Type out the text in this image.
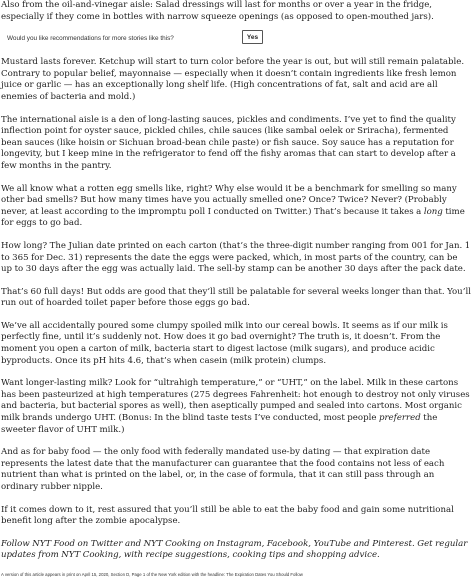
Also from the oil-and-vinegar aisle: Salad dressings will last for months or over a year in the fridge, especially if they come in bottles with narrow squeeze openings (as opposed to open-mouthed jars).

Would you like recommendations for more stories like this?	Yes

Mustard lasts forever. Ketchup will start to turn color before the year is out, but will still remain palatable. Contrary to popular belief, mayonnaise — especially when it doesn’t contain ingredients like fresh lemon juice or garlic — has an exceptionally long shelf life. (High concentrations of fat, salt and acid are all enemies of bacteria and mold.)

The international aisle is a den of long-lasting sauces, pickles and condiments. I’ve yet to find the quality inflection point for oyster sauce, pickled chiles, chile sauces (like sambal oelek or Sriracha), fermented bean sauces (like hoisin or Sichuan broad-bean chile paste) or fish sauce. Soy sauce has a reputation for longevity, but I keep mine in the refrigerator to fend off the fishy aromas that can start to develop after a few months in the pantry.

We all know what a rotten egg smells like, right? Why else would it be a benchmark for smelling so many other bad smells? But how many times have you actually smelled one? Once? Twice? Never? (Probably never, at least according to the impromptu poll I conducted on Twitter.) That’s because it takes a long time for eggs to go bad.

How long? The Julian date printed on each carton (that’s the three-digit number ranging from 001 for Jan. 1 to 365 for Dec. 31) represents the date the eggs were packed, which, in most parts of the country, can be up to 30 days after the egg was actually laid. The sell-by stamp can be another 30 days after the pack date.

That’s 60 full days! But odds are good that they’ll still be palatable for several weeks longer than that. You’ll run out of hoarded toilet paper before those eggs go bad.

We’ve all accidentally poured some clumpy spoiled milk into our cereal bowls. It seems as if our milk is perfectly fine, until it’s suddenly not. How does it go bad overnight? The truth is, it doesn’t. From the moment you open a carton of milk, bacteria start to digest lactose (milk sugars), and produce acidic byproducts. Once its pH hits 4.6, that’s when casein (milk protein) clumps.

Want longer-lasting milk? Look for “ultrahigh temperature,” or “UHT,” on the label. Milk in these cartons has been pasteurized at high temperatures (275 degrees Fahrenheit: hot enough to destroy not only viruses and bacteria, but bacterial spores as well), then aseptically pumped and sealed into cartons. Most organic milk brands undergo UHT. (Bonus: In the blind taste tests I’ve conducted, most people preferred the sweeter flavor of UHT milk.)

And as for baby food — the only food with federally mandated use-by dating — that expiration date represents the latest date that the manufacturer can guarantee that the food contains not less of each nutrient than what is printed on the label, or, in the case of formula, that it can still pass through an ordinary rubber nipple.

If it comes down to it, rest assured that you’ll still be able to eat the baby food and gain some nutritional benefit long after the zombie apocalypse.

Follow NYT Food on Twitter and NYT Cooking on Instagram, Facebook, YouTube and Pinterest. Get regular updates from NYT Cooking, with recipe suggestions, cooking tips and shopping advice.

A version of this article appears in print on April 15, 2020, Section D, Page 1 of the New York edition with the headline: The Expiration Dates You Should Follow
